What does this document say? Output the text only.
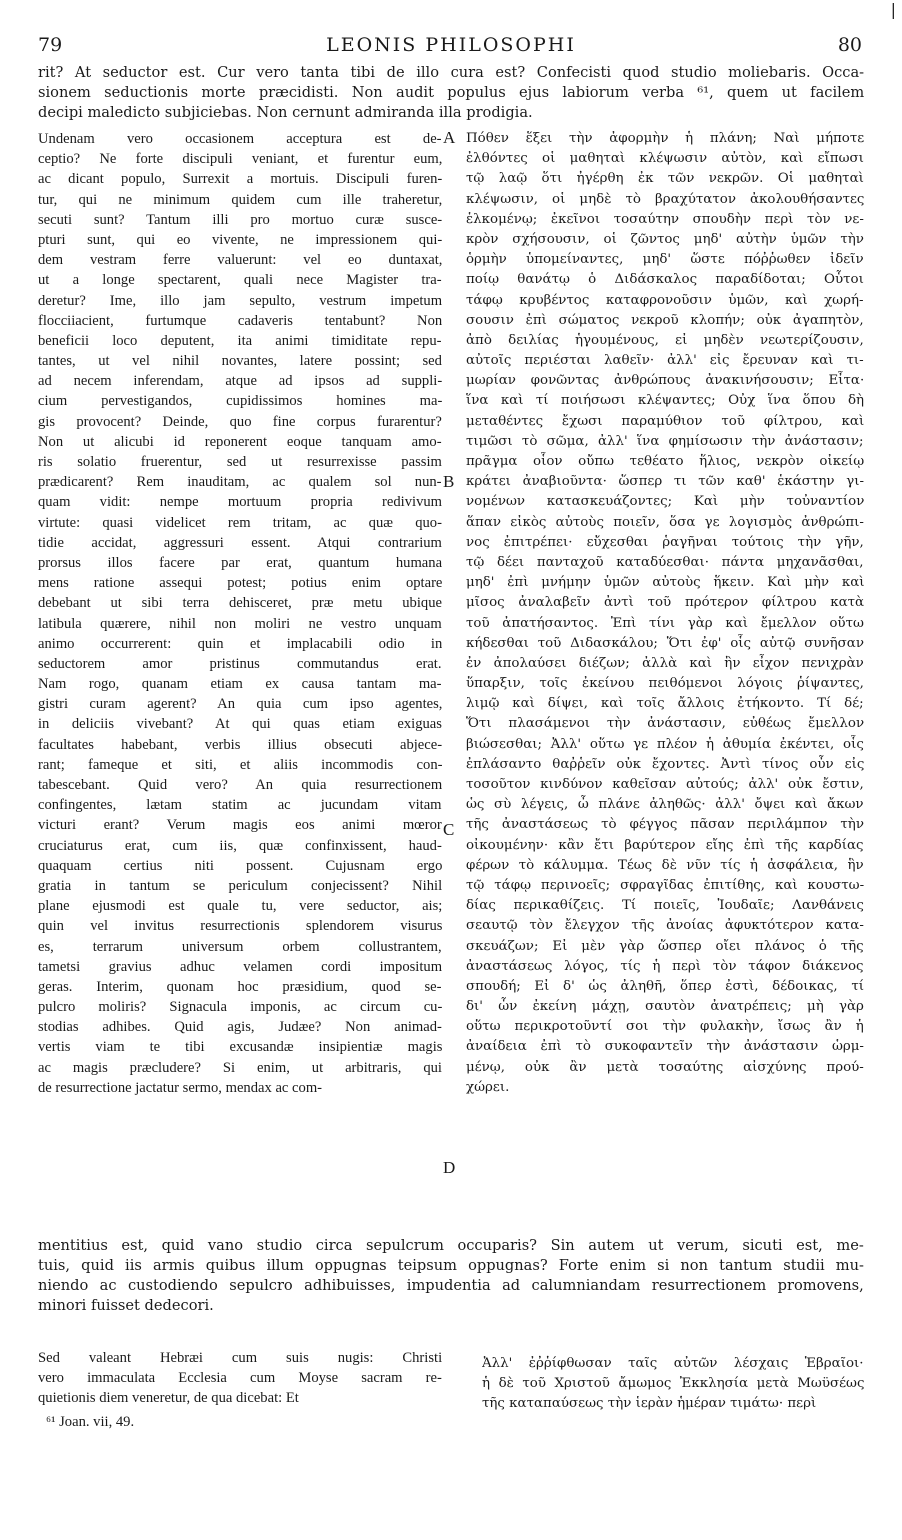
|
79	LEONIS PHILOSOPHI	80
rit? At seductor est. Cur vero tanta tibi de illo cura est? Confecisti quod studio moliebaris. Occa-
sionem seductionis morte præcidisti. Non audit populus ejus labiorum verba ⁶¹, quem ut facilem
decipi maledicto subjiciebas. Non cernunt admiranda illa prodigia.
Undenam vero occasionem acceptura est de-
ceptio? Ne forte discipuli veniant, et furentur eum,
ac dicant populo, Surrexit a mortuis. Discipuli furen-
tur, qui ne minimum quidem cum ille traheretur,
secuti sunt? Tantum illi pro mortuo curæ susce-
pturi sunt, qui eo vivente, ne impressionem qui-
dem vestram ferre valuerunt: vel eo duntaxat,
ut a longe spectarent, quali nece Magister tra-
deretur? Ime, illo jam sepulto, vestrum impetum
flocciiacient, furtumque cadaveris tentabunt? Non
beneficii loco deputent, ita animi timiditate repu-
tantes, ut vel nihil novantes, latere possint; sed
ad necem inferendam, atque ad ipsos ad suppli-
cium pervestigandos, cupidissimos homines ma-
gis provocent? Deinde, quo fine corpus furarentur?
Non ut alicubi id reponerent eoque tanquam amo-
ris solatio fruerentur, sed ut resurrexisse passim
prædicarent? Rem inauditam, ac qualem sol nun-
quam vidit: nempe mortuum propria redivivum
virtute: quasi videlicet rem tritam, ac quæ quo-
tidie accidat, aggressuri essent. Atqui contrarium
prorsus illos facere par erat, quantum humana
mens ratione assequi potest; potius enim optare
debebant ut sibi terra dehisceret, præ metu ubique
latibula quærere, nihil non moliri ne vestro unquam
animo occurrerent: quin et implacabili odio in
seductorem amor pristinus commutandus erat.
Nam rogo, quanam etiam ex causa tantam ma-
gistri curam agerent? An quia cum ipso agentes,
in deliciis vivebant? At qui quas etiam exiguas
facultates habebant, verbis illius obsecuti abjece-
rant; fameque et siti, et aliis incommodis con-
tabescebant. Quid vero? An quia resurrectionem
confingentes, lætam statim ac jucundam vitam
victuri erant? Verum magis eos animi mœror
cruciaturus erat, cum iis, quæ confinxissent, haud-
quaquam certius niti possent. Cujusnam ergo
gratia in tantum se periculum conjecissent? Nihil
plane ejusmodi est quale tu, vere seductor, ais;
quin vel invitus resurrectionis splendorem visurus
es, terrarum universum orbem collustrantem,
tametsi gravius adhuc velamen cordi impositum
geras. Interim, quonam hoc præsidium, quod se-
pulcro moliris? Signacula imponis, ac circum cu-
stodias adhibes. Quid agis, Judæe? Non animad-
vertis viam te tibi excusandæ insipientiæ magis
ac magis præcludere? Si enim, ut arbitraris, qui
de resurrectione jactatur sermo, mendax ac com-
Πόθεν ἕξει τὴν ἀφορμὴν ἡ πλάνη; Ναὶ μήποτε
ἐλθόντες οἱ μαθηταὶ κλέψωσιν αὐτὸν, καὶ εἴπωσι
τῷ λαῷ ὅτι ἠγέρθη ἐκ τῶν νεκρῶν. Οἱ μαθηταὶ
κλέψωσιν, οἱ μηδὲ τὸ βραχύτατον ἀκολουθήσαντες
ἑλκομένῳ; ἐκεῖνοι τοσαύτην σπουδὴν περὶ τὸν νε-
κρὸν σχήσουσιν, οἱ ζῶντος μηδ' αὐτὴν ὑμῶν τὴν
ὁρμὴν ὑπομείναντες, μηδ' ὥστε πόῤῥωθεν ἰδεῖν
ποίῳ θανάτῳ ὁ Διδάσκαλος παραδίδοται; Οὗτοι
τάφῳ κρυβέντος καταφρονοῦσιν ὑμῶν, καὶ χωρή-
σουσιν ἐπὶ σώματος νεκροῦ κλοπήν; οὐκ ἀγαπητὸν,
ἀπὸ δειλίας ἡγουμένους, εἰ μηδὲν νεωτερίζουσιν,
αὐτοῖς περιέσται λαθεῖν· ἀλλ' εἰς ἔρευναν καὶ τι-
μωρίαν φονῶντας ἀνθρώπους ἀνακινήσουσιν; Εἶτα·
ἵνα καὶ τί ποιήσωσι κλέψαντες; Οὐχ ἵνα ὅπου δὴ
μεταθέντες ἔχωσι παραμύθιον τοῦ φίλτρου, καὶ
τιμῶσι τὸ σῶμα, ἀλλ' ἵνα φημίσωσιν τὴν ἀνάστασιν;
πρᾶγμα οἷον οὔπω τεθέατο ἥλιος, νεκρὸν οἰκείῳ
κράτει ἀναβιοῦντα· ὥσπερ τι τῶν καθ' ἑκάστην γι-
νομένων κατασκευάζοντες; Καὶ μὴν τοὐναντίον
ἅπαν εἰκὸς αὐτοὺς ποιεῖν, ὅσα γε λογισμὸς ἀνθρώπι-
νος ἐπιτρέπει· εὔχεσθαι ῥαγῆναι τούτοις τὴν γῆν,
τῷ δέει πανταχοῦ καταδύεσθαι· πάντα μηχανᾶσθαι,
μηδ' ἐπὶ μνήμην ὑμῶν αὐτοὺς ἥκειν. Καὶ μὴν καὶ
μῖσος ἀναλαβεῖν ἀντὶ τοῦ πρότερον φίλτρου κατὰ
τοῦ ἀπατήσαντος. Ἐπὶ τίνι γὰρ καὶ ἔμελλον οὕτω
κήδεσθαι τοῦ Διδασκάλου; Ὅτι ἐφ' οἷς αὐτῷ συνῆσαν
ἐν ἀπολαύσει διέζων; ἀλλὰ καὶ ἣν εἶχον πενιχρὰν
ὕπαρξιν, τοῖς ἐκείνου πειθόμενοι λόγοις ῥίψαντες,
λιμῷ καὶ δίψει, καὶ τοῖς ἄλλοις ἐτήκοντο. Τί δέ;
Ὅτι πλασάμενοι τὴν ἀνάστασιν, εὐθέως ἔμελλον
βιώσεσθαι; Ἀλλ' οὕτω γε πλέον ἡ ἀθυμία ἐκέντει, οἷς
ἐπλάσαντο θαῤῥεῖν οὐκ ἔχοντες. Ἀντὶ τίνος οὖν εἰς
τοσοῦτον κινδύνον καθεῖσαν αὐτούς; ἀλλ' οὐκ ἔστιν,
ὡς σὺ λέγεις, ὦ πλάνε ἀληθῶς· ἀλλ' ὄψει καὶ ἄκων
τῆς ἀναστάσεως τὸ φέγγος πᾶσαν περιλάμπον τὴν
οἰκουμένην· κἂν ἔτι βαρύτερον εἴης ἐπὶ τῆς καρδίας
φέρων τὸ κάλυμμα. Τέως δὲ νῦν τίς ἡ ἀσφάλεια, ἣν
τῷ τάφῳ περινοεῖς; σφραγῖδας ἐπιτίθης, καὶ κουστω-
δίας περικαθίζεις. Τί ποιεῖς, Ἰουδαῖε; Λανθάνεις
σεαυτῷ τὸν ἔλεγχον τῆς ἀνοίας ἀφυκτότερον κατα-
σκευάζων; Εἰ μὲν γὰρ ὥσπερ οἴει πλάνος ὁ τῆς
ἀναστάσεως λόγος, τίς ἡ περὶ τὸν τάφον διάκενος
σπουδή; Εἰ δ' ὡς ἀληθῆ, ὅπερ ἐστὶ, δέδοικας, τί
δι' ὧν ἐκείνη μάχῃ, σαυτὸν ἀνατρέπεις; μὴ γὰρ
οὕτω περικροτοῦντί σοι τὴν φυλακὴν, ἴσως ἂν ἡ
ἀναίδεια ἐπὶ τὸ συκοφαντεῖν τὴν ἀνάστασιν ὡρμ-
μένῳ, οὐκ ἂν μετὰ τοσαύτης αἰσχύνης πρού-
χώρει.
A
B
C
D
mentitius est, quid vano studio circa sepulcrum occuparis? Sin autem ut verum, sicuti est, me-
tuis, quid iis armis quibus illum oppugnas teipsum oppugnas? Forte enim si non tantum studii mu-
niendo ac custodiendo sepulcro adhibuisses, impudentia ad calumniandam resurrectionem promovens,
minori fuisset dedecori.
Sed valeant Hebræi cum suis nugis: Christi
vero immaculata Ecclesia cum Moyse sacram re-
quietionis diem veneretur, de qua dicebat: Et
⁶¹ Joan. vii, 49.
Ἀλλ' ἐῤῥίφθωσαν ταῖς αὐτῶν λέσχαις Ἑβραῖοι·
ἡ δὲ τοῦ Χριστοῦ ἄμωμος Ἐκκλησία μετὰ Μωϋσέως
τῆς καταπαύσεως τὴν ἱερὰν ἡμέραν τιμάτω· περὶ
